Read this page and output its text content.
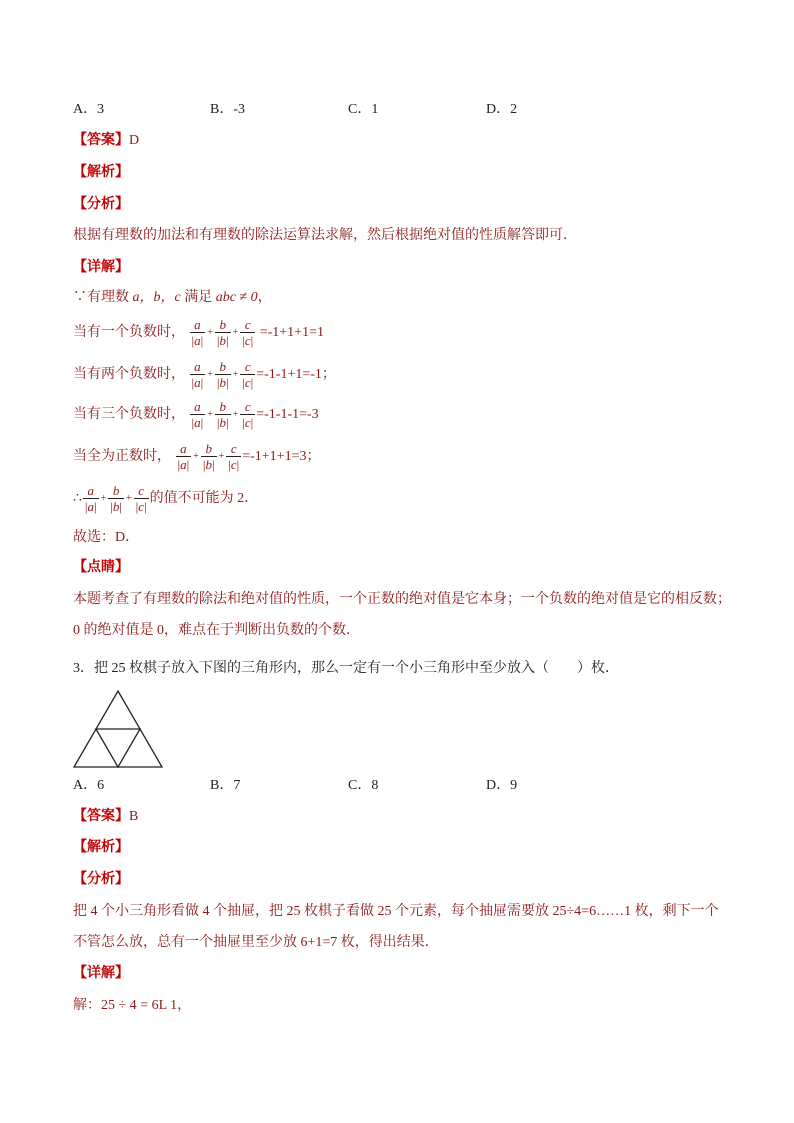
A．3	B．-3	C．1	D．2
【答案】D
【解析】
【分析】
根据有理数的加法和有理数的除法运算法求解，然后根据绝对值的性质解答即可．
【详解】
∵有理数 a，b，c 满足 abc ≠ 0，
当有一个负数时， $\frac{a}{|a|} + \frac{b}{|b|} + \frac{c}{|c|} =-1+1+1=1$
当有两个负数时， $\frac{a}{|a|} + \frac{b}{|b|} + \frac{c}{|c|} =-1-1+1=-1$；
当有三个负数时， $\frac{a}{|a|} + \frac{b}{|b|} + \frac{c}{|c|} =-1-1-1=-3$
当全为正数时， $\frac{a}{|a|} + \frac{b}{|b|} + \frac{c}{|c|} =-1+1+1=3$；
∴ $\frac{a}{|a|} + \frac{b}{|b|} + \frac{c}{|c|}$ 的值不可能为 2．
故选：D．
【点睛】
本题考查了有理数的除法和绝对值的性质，一个正数的绝对值是它本身；一个负数的绝对值是它的相反数；
0 的绝对值是 0，难点在于判断出负数的个数．
3．把 25 枚棋子放入下图的三角形内，那么一定有一个小三角形中至少放入（　　）枚．
A．6	B．7	C．8	D．9
【答案】B
【解析】
【分析】
把 4 个小三角形看做 4 个抽屉，把 25 枚棋子看做 25 个元素，每个抽屉需要放 25÷4=6……1 枚，剩下一个
不管怎么放，总有一个抽屉里至少放 6+1=7 枚，得出结果．
【详解】
解：25 ÷ 4 = 6L 1，
